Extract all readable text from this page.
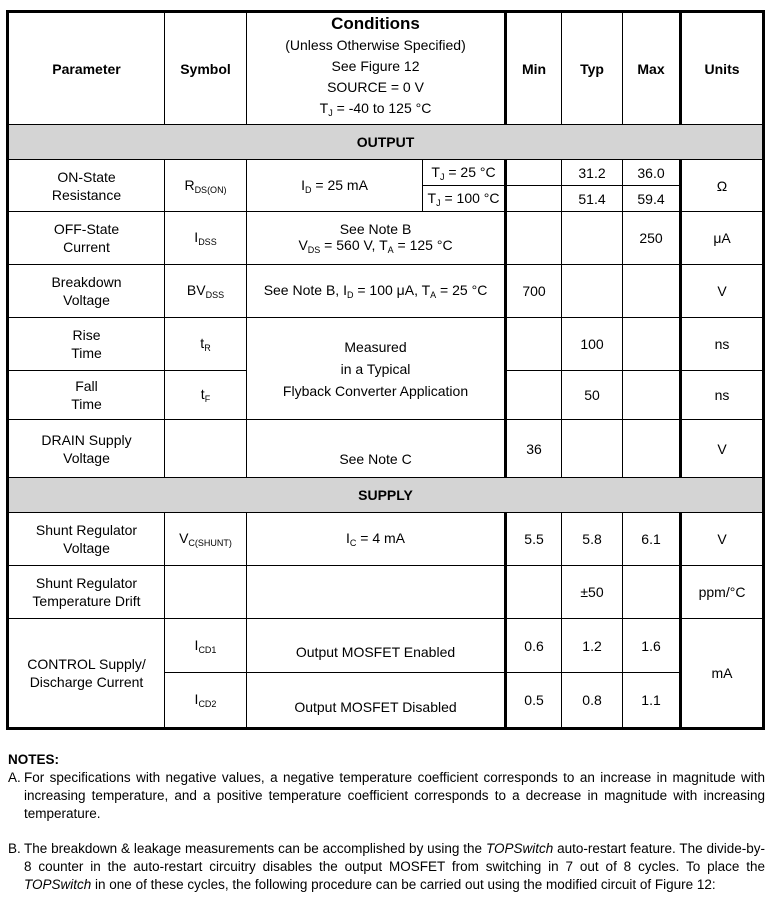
Parameter	Symbol	Conditions
(Unless Otherwise Specified)
See Figure 12
SOURCE = 0 V
$T_J = -40$ to 125 °C		Min	Typ	Max	Units
OUTPUT							
ON-State
Resistance	$R_{DS(ON)}$	$I_D = 25$ mA	$T_J = 25$ °C		31.2	36.0	Ω
			$T_J = 100$ °C		51.4	59.4	
OFF-State
Current	$I_{DSS}$	See Note B
$V_{DS} = 560$ V, $T_A = 125$ °C				250	μA
Breakdown
Voltage	$BV_{DSS}$	See Note B, $I_D = 100$ μA, $T_A = 25$ °C		700			V
Rise
Time	$t_R$	Measured
in a Typical
Flyback Converter Application			100		ns
Fall
Time	$t_F$				50		ns
DRAIN Supply
Voltage		See Note C		36			V
SUPPLY							
Shunt Regulator
Voltage	$V_{C(SHUNT)}$	$I_C = 4$ mA		5.5	5.8	6.1	V
Shunt Regulator
Temperature Drift					±50		ppm/°C
CONTROL Supply/
Discharge Current	$I_{CD1}$	Output MOSFET Enabled		0.6	1.2	1.6	mA
	$I_{CD2}$	Output MOSFET Disabled		0.5	0.8	1.1	
NOTES:
A. For specifications with negative values, a negative temperature coefficient corresponds to an increase in magnitude with increasing temperature, and a positive temperature coefficient corresponds to a decrease in magnitude with increasing temperature.
B. The breakdown & leakage measurements can be accomplished by using the TOPSwitch auto-restart feature. The divide-by-8 counter in the auto-restart circuitry disables the output MOSFET from switching in 7 out of 8 cycles. To place the TOPSwitch in one of these cycles, the following procedure can be carried out using the modified circuit of Figure 12:
